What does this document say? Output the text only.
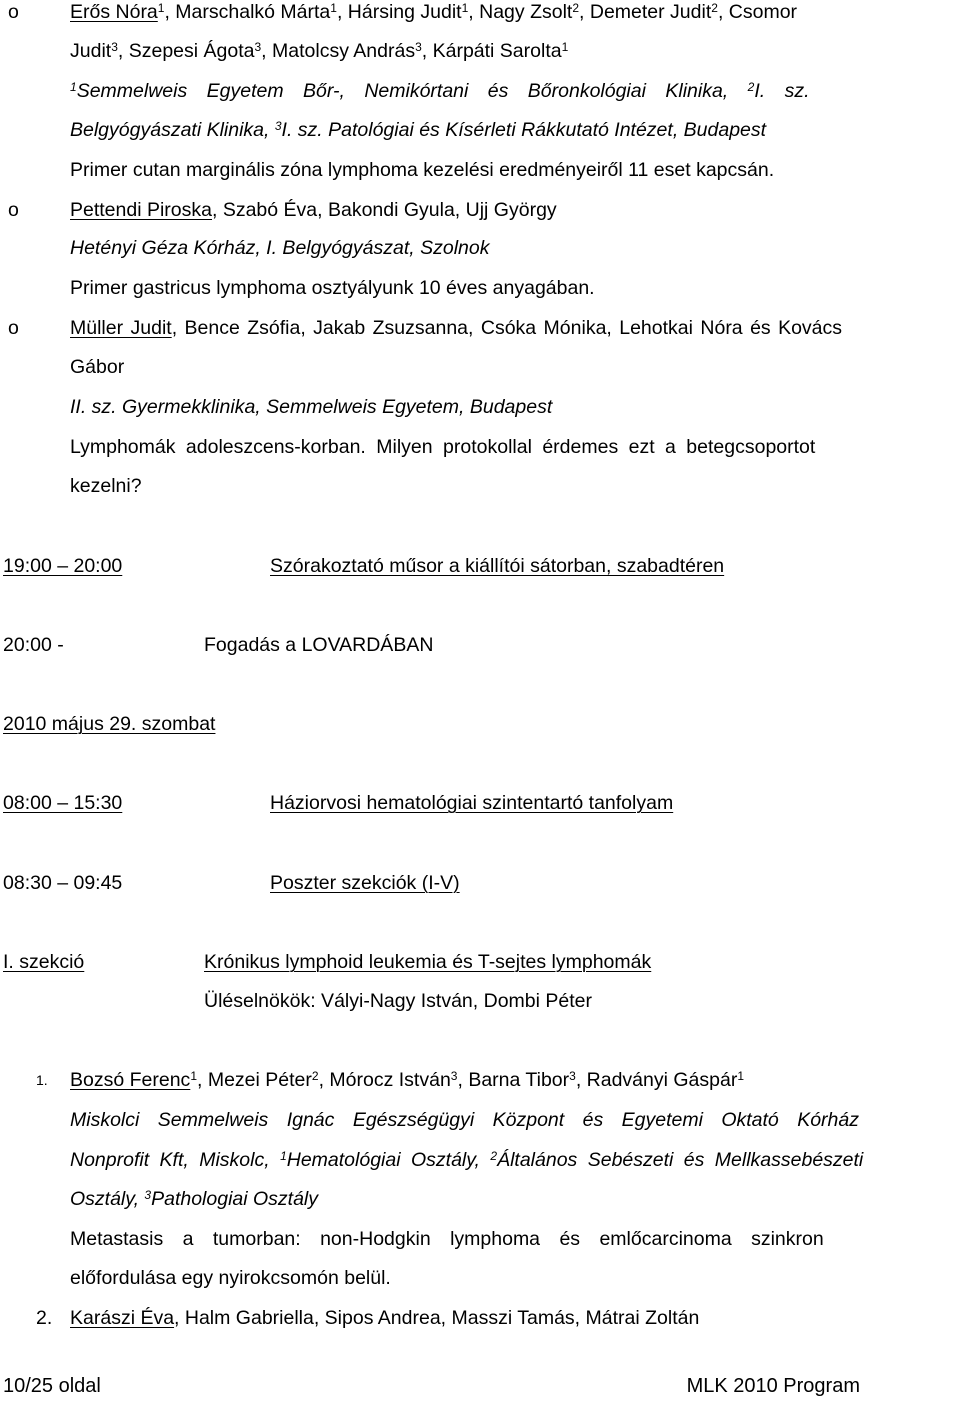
o	Erős Nóra$^1$, Marschalkó Márta$^1$, Hársing Judit$^1$, Nagy Zsolt$^2$, Demeter Judit$^2$, Csomor
Judit$^3$, Szepesi Ágota$^3$, Matolcsy András$^3$, Kárpáti Sarolta$^1$
$^1$Semmelweis Egyetem Bőr-, Nemikórtani és Bőronkológiai Klinika, $^2$I. sz.
Belgyógyászati Klinika, $^3$I. sz. Patológiai és Kísérleti Rákkutató Intézet, Budapest
Primer cutan marginális zóna lymphoma kezelési eredményeiről 11 eset kapcsán.
o	Pettendi Piroska, Szabó Éva, Bakondi Gyula, Ujj György
Hetényi Géza Kórház, I. Belgyógyászat, Szolnok
Primer gastricus lymphoma osztyályunk 10 éves anyagában.
o	Müller Judit, Bence Zsófia, Jakab Zsuzsanna, Csóka Mónika, Lehotkai Nóra és Kovács
Gábor
II. sz. Gyermekklinika, Semmelweis Egyetem, Budapest
Lymphomák adoleszcens-korban. Milyen protokollal érdemes ezt a betegcsoportot
kezelni?
19:00 – 20:00	Szórakoztató műsor a kiállítói sátorban, szabadtéren
20:00 -	Fogadás a LOVARDÁBAN
2010 május 29. szombat
08:00 – 15:30	Háziorvosi hematológiai szintentartó tanfolyam
08:30 – 09:45	Poszter szekciók (I-V)
I. szekció	Krónikus lymphoid leukemia és T-sejtes lymphomák
Üléselnökök: Vályi-Nagy István, Dombi Péter
1. Bozsó Ferenc$^1$, Mezei Péter$^2$, Mórocz István$^3$, Barna Tibor$^3$, Radványi Gáspár$^1$
Miskolci Semmelweis Ignác Egészségügyi Központ és Egyetemi Oktató Kórház
Nonprofit Kft, Miskolc, $^1$Hematológiai Osztály, $^2$Általános Sebészeti és Mellkassebészeti
Osztály, $^3$Pathologiai Osztály
Metastasis a tumorban: non-Hodgkin lymphoma és emlőcarcinoma szinkron
előfordulása egy nyirokcsomón belül.
2. Karászi Éva, Halm Gabriella, Sipos Andrea, Masszi Tamás, Mátrai Zoltán
10/25 oldal	MLK 2010 Program
